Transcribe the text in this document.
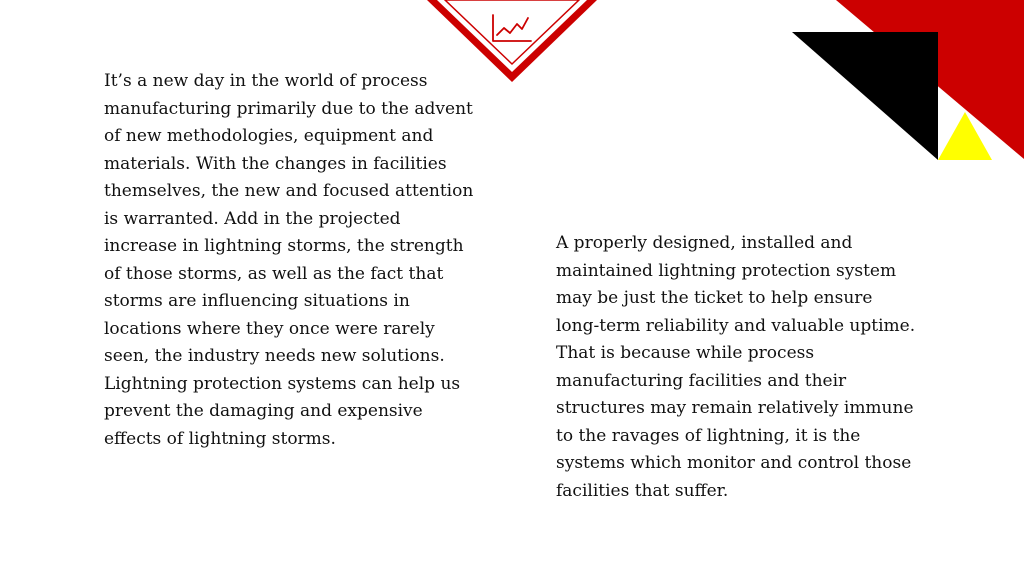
It’s a new day in the world of process manufacturing primarily due to the advent of new methodologies, equipment and materials. With the changes in facilities themselves, the new and focused attention is warranted. Add in the projected increase in lightning storms, the strength of those storms, as well as the fact that storms are influencing situations in locations where they once were rarely seen, the industry needs new solutions. Lightning protection systems can help us prevent the damaging and expensive effects of lightning storms.

A properly designed, installed and maintained lightning protection system may be just the ticket to help ensure long-term reliability and valuable uptime. That is because while process manufacturing facilities and their structures may remain relatively immune to the ravages of lightning, it is the systems which monitor and control those facilities that suffer.
